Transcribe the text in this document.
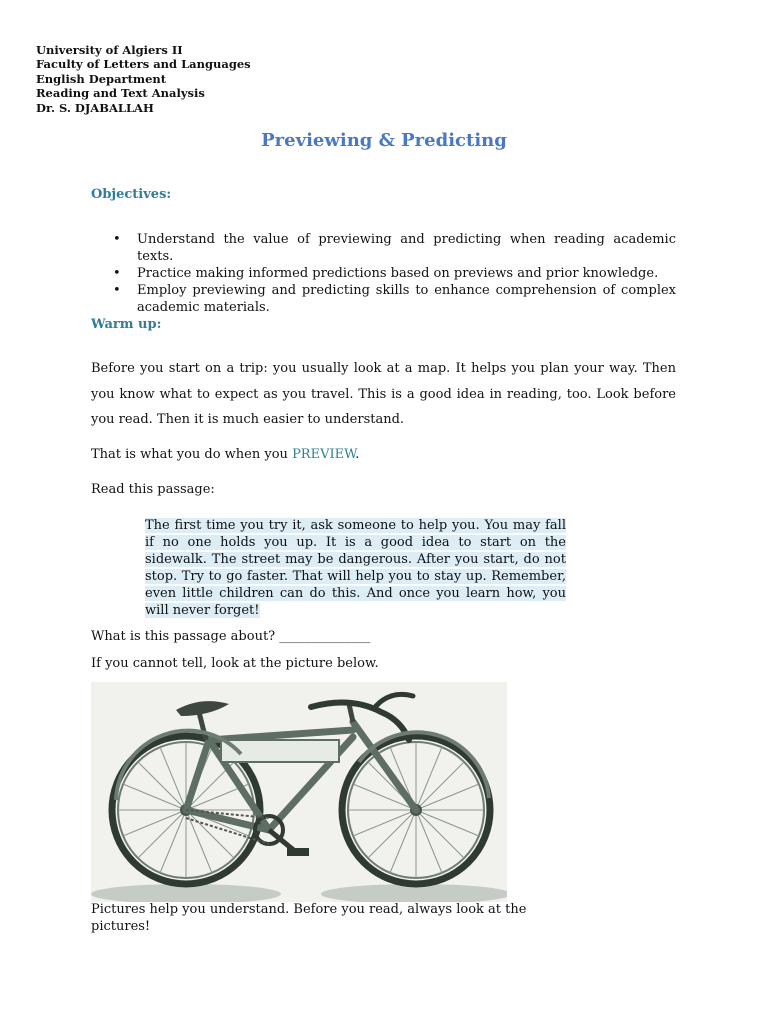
University of Algiers II
Faculty of Letters and Languages
English Department
Reading and Text Analysis
Dr. S. DJABALLAH
Previewing & Predicting
Objectives:
• Understand the value of previewing and predicting when reading academic texts.
• Practice making informed predictions based on previews and prior knowledge.
• Employ previewing and predicting skills to enhance comprehension of complex academic materials.
Warm up:

Before you start on a trip: you usually look at a map. It helps you plan your way. Then you know what to expect as you travel. This is a good idea in reading, too. Look before you read. Then it is much easier to understand.

That is what you do when you PREVIEW.

Read this passage:

The first time you try it, ask someone to help you. You may fall if no one holds you up. It is a good idea to start on the sidewalk. The street may be dangerous. After you start, do not stop. Try to go faster. That will help you to stay up. Remember, even little children can do this. And once you learn how, you will never forget!

What is this passage about? ______________

If you cannot tell, look at the picture below.

Pictures help you understand. Before you read, always look at the pictures!
